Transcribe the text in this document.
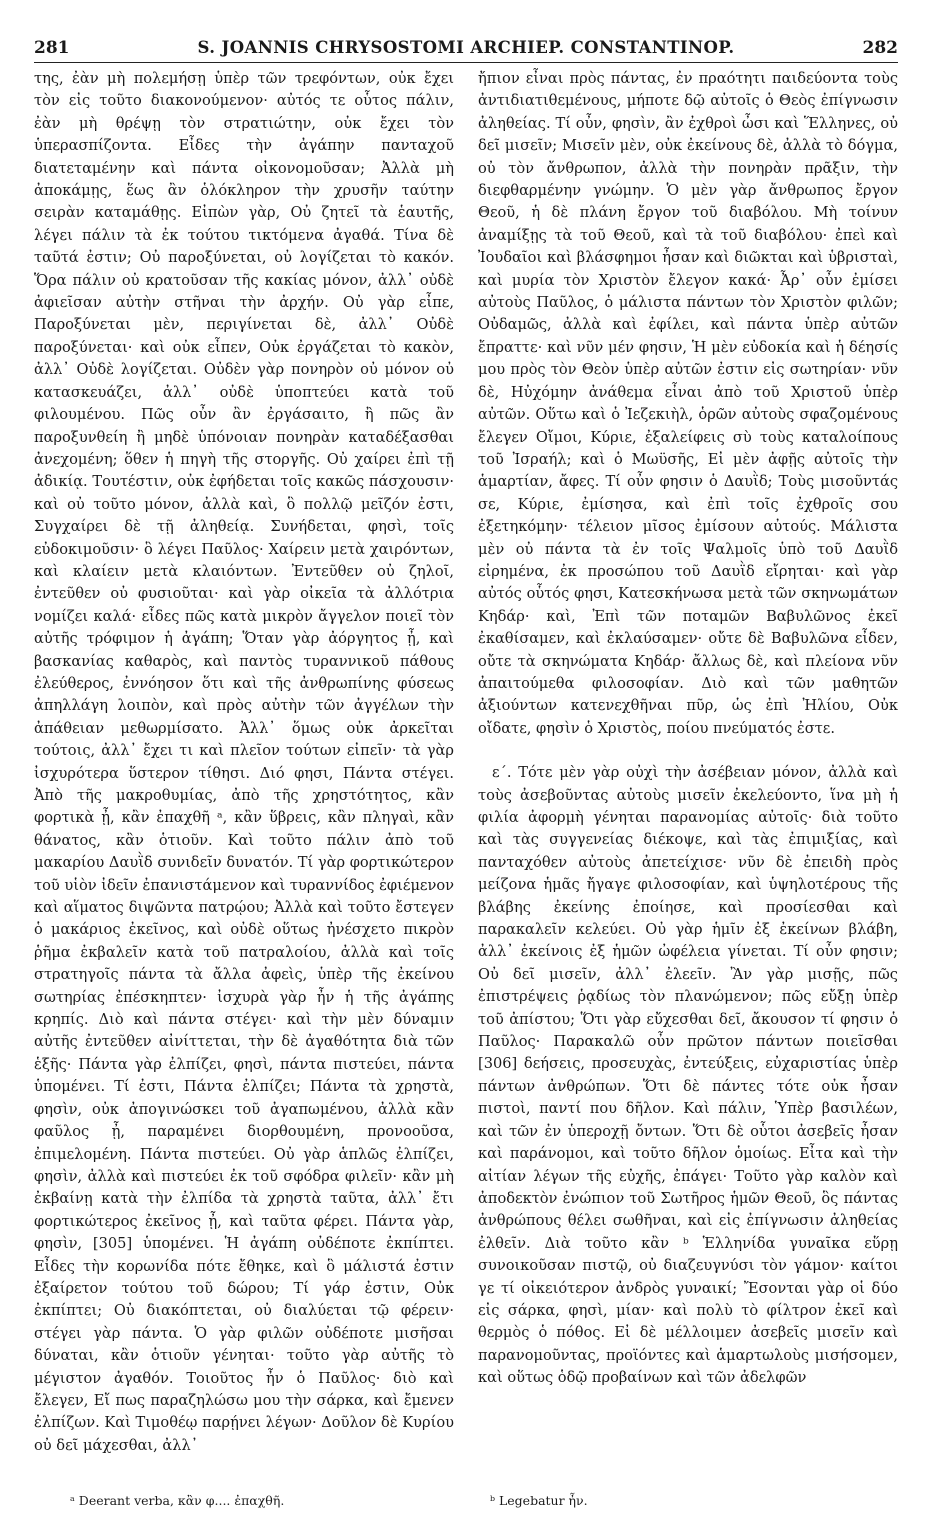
281	S. JOANNIS CHRYSOSTOMI ARCHIEP. CONSTANTINOP.	282

της, ἐὰν μὴ πολεμήσῃ ὑπὲρ τῶν τρεφόντων, οὐκ ἔχει τὸν εἰς τοῦτο διακονούμενον· αὐτός τε οὗτος πάλιν, ἐὰν μὴ θρέψῃ τὸν στρατιώτην, οὐκ ἔχει τὸν ὑπερασπίζοντα. Εἶδες τὴν ἀγάπην πανταχοῦ διατεταμένην καὶ πάντα οἰκονομοῦσαν; Ἀλλὰ μὴ ἀποκάμῃς, ἕως ἂν ὁλόκληρον τὴν χρυσῆν ταύτην σειρὰν καταμάθῃς. Εἰπὼν γὰρ, Οὐ ζητεῖ τὰ ἑαυτῆς, λέγει πάλιν τὰ ἐκ τούτου τικτόμενα ἀγαθά. Τίνα δὲ ταῦτά ἐστιν; Οὐ παροξύνεται, οὐ λογίζεται τὸ κακόν. Ὅρα πάλιν οὐ κρατοῦσαν τῆς κακίας μόνον, ἀλλ᾽ οὐδὲ ἀφιεῖσαν αὐτὴν στῆναι τὴν ἀρχήν. Οὐ γὰρ εἶπε, Παροξύνεται μὲν, περιγίνεται δὲ, ἀλλ᾽ Οὐδὲ παροξύνεται· καὶ οὐκ εἶπεν, Οὐκ ἐργάζεται τὸ κακὸν, ἀλλ᾽ Οὐδὲ λογίζεται. Οὐδὲν γὰρ πονηρὸν οὐ μόνον οὐ κατασκευάζει, ἀλλ᾽ οὐδὲ ὑποπτεύει κατὰ τοῦ φιλουμένου. Πῶς οὖν ἂν ἐργάσαιτο, ἢ πῶς ἂν παροξυνθείη ἢ μηδὲ ὑπόνοιαν πονηρὰν καταδέξασθαι ἀνεχομένη; ὅθεν ἡ πηγὴ τῆς στοργῆς. Οὐ χαίρει ἐπὶ τῇ ἀδικίᾳ. Τουτέστιν, οὐκ ἐφήδεται τοῖς κακῶς πάσχουσιν· καὶ οὐ τοῦτο μόνον, ἀλλὰ καὶ, ὃ πολλῷ μεῖζόν ἐστι, Συγχαίρει δὲ τῇ ἀληθείᾳ. Συνήδεται, φησὶ, τοῖς εὐδοκιμοῦσιν· ὃ λέγει Παῦλος· Χαίρειν μετὰ χαιρόντων, καὶ κλαίειν μετὰ κλαιόντων. Ἐντεῦθεν οὐ ζηλοῖ, ἐντεῦθεν οὐ φυσιοῦται· καὶ γὰρ οἰκεῖα τὰ ἀλλότρια νομίζει καλά· εἶδες πῶς κατὰ μικρὸν ἄγγελον ποιεῖ τὸν αὐτῆς τρόφιμον ἡ ἀγάπη; Ὅταν γὰρ ἀόργητος ᾖ, καὶ βασκανίας καθαρὸς, καὶ παντὸς τυραννικοῦ πάθους ἐλεύθερος, ἐννόησον ὅτι καὶ τῆς ἀνθρωπίνης φύσεως ἀπηλλάγη λοιπὸν, καὶ πρὸς αὐτὴν τῶν ἀγγέλων τὴν ἀπάθειαν μεθωρμίσατο. Ἀλλ᾽ ὅμως οὐκ ἀρκεῖται τούτοις, ἀλλ᾽ ἔχει τι καὶ πλεῖον τούτων εἰπεῖν· τὰ γὰρ ἰσχυρότερα ὕστερον τίθησι. Διό φησι, Πάντα στέγει. Ἀπὸ τῆς μακροθυμίας, ἀπὸ τῆς χρηστότητος, κἂν φορτικὰ ᾖ, κἂν ἐπαχθῆ ᵃ, κἂν ὕβρεις, κἂν πληγαὶ, κἂν θάνατος, κἂν ὁτιοῦν. Καὶ τοῦτο πάλιν ἀπὸ τοῦ μακαρίου Δαυῒδ συνιδεῖν δυνατόν. Τί γὰρ φορτικώτερον τοῦ υἱὸν ἰδεῖν ἐπανιστάμενον καὶ τυραννίδος ἐφιέμενον καὶ αἵματος διψῶντα πατρῴου; Ἀλλὰ καὶ τοῦτο ἔστεγεν ὁ μακάριος ἐκεῖνος, καὶ οὐδὲ οὕτως ἠνέσχετο πικρὸν ῥῆμα ἐκβαλεῖν κατὰ τοῦ πατραλοίου, ἀλλὰ καὶ τοῖς στρατηγοῖς πάντα τὰ ἄλλα ἀφεὶς, ὑπὲρ τῆς ἐκείνου σωτηρίας ἐπέσκηπτεν· ἰσχυρὰ γὰρ ἦν ἡ τῆς ἀγάπης κρηπίς. Διὸ καὶ πάντα στέγει· καὶ τὴν μὲν δύναμιν αὐτῆς ἐντεῦθεν αἰνίττεται, τὴν δὲ ἀγαθότητα διὰ τῶν ἑξῆς· Πάντα γὰρ ἐλπίζει, φησὶ, πάντα πιστεύει, πάντα ὑπομένει. Τί ἐστι, Πάντα ἐλπίζει; Πάντα τὰ χρηστὰ, φησὶν, οὐκ ἀπογινώσκει τοῦ ἀγαπωμένου, ἀλλὰ κἂν φαῦλος ᾖ, παραμένει διορθουμένη, προνοοῦσα, ἐπιμελομένη. Πάντα πιστεύει. Οὐ γὰρ ἁπλῶς ἐλπίζει, φησὶν, ἀλλὰ καὶ πιστεύει ἐκ τοῦ σφόδρα φιλεῖν· κἂν μὴ ἐκβαίνῃ κατὰ τὴν ἐλπίδα τὰ χρηστὰ ταῦτα, ἀλλ᾽ ἔτι φορτικώτερος ἐκεῖνος ᾖ, καὶ ταῦτα φέρει. Πάντα γὰρ, φησὶν, [305] ὑπομένει. Ἡ ἀγάπη οὐδέποτε ἐκπίπτει. Εἶδες τὴν κορωνίδα πότε ἔθηκε, καὶ ὃ μάλιστά ἐστιν ἐξαίρετον τούτου τοῦ δώρου; Τί γάρ ἐστιν, Οὐκ ἐκπίπτει; Οὐ διακόπτεται, οὐ διαλύεται τῷ φέρειν· στέγει γὰρ πάντα. Ὁ γὰρ φιλῶν οὐδέποτε μισῆσαι δύναται, κἂν ὁτιοῦν γένηται· τοῦτο γὰρ αὐτῆς τὸ μέγιστον ἀγαθόν. Τοιοῦτος ἦν ὁ Παῦλος· διὸ καὶ ἔλεγεν, Εἴ πως παραζηλώσω μου τὴν σάρκα, καὶ ἔμενεν ἐλπίζων. Καὶ Τιμοθέῳ παρῄνει λέγων· Δοῦλον δὲ Κυρίου οὐ δεῖ μάχεσθαι, ἀλλ᾽

ἤπιον εἶναι πρὸς πάντας, ἐν πραότητι παιδεύοντα τοὺς ἀντιδιατιθεμένους, μήποτε δῷ αὐτοῖς ὁ Θεὸς ἐπίγνωσιν ἀληθείας. Τί οὖν, φησὶν, ἂν ἐχθροὶ ὦσι καὶ Ἕλληνες, οὐ δεῖ μισεῖν; Μισεῖν μὲν, οὐκ ἐκείνους δὲ, ἀλλὰ τὸ δόγμα, οὐ τὸν ἄνθρωπον, ἀλλὰ τὴν πονηρὰν πρᾶξιν, τὴν διεφθαρμένην γνώμην. Ὁ μὲν γὰρ ἄνθρωπος ἔργον Θεοῦ, ἡ δὲ πλάνη ἔργον τοῦ διαβόλου. Μὴ τοίνυν ἀναμίξῃς τὰ τοῦ Θεοῦ, καὶ τὰ τοῦ διαβόλου· ἐπεὶ καὶ Ἰουδαῖοι καὶ βλάσφημοι ἦσαν καὶ διῶκται καὶ ὑβρισταὶ, καὶ μυρία τὸν Χριστὸν ἔλεγον κακά· Ἆρ᾽ οὖν ἐμίσει αὐτοὺς Παῦλος, ὁ μάλιστα πάντων τὸν Χριστὸν φιλῶν; Οὐδαμῶς, ἀλλὰ καὶ ἐφίλει, καὶ πάντα ὑπὲρ αὐτῶν ἔπραττε· καὶ νῦν μέν φησιν, Ἡ μὲν εὐδοκία καὶ ἡ δέησίς μου πρὸς τὸν Θεὸν ὑπὲρ αὐτῶν ἐστιν εἰς σωτηρίαν· νῦν δὲ, Ηὐχόμην ἀνάθεμα εἶναι ἀπὸ τοῦ Χριστοῦ ὑπὲρ αὐτῶν. Οὕτω καὶ ὁ Ἰεζεκιὴλ, ὁρῶν αὐτοὺς σφαζομένους ἔλεγεν Οἴμοι, Κύριε, ἐξαλείφεις σὺ τοὺς καταλοίπους τοῦ Ἰσραήλ; καὶ ὁ Μωϋσῆς, Εἰ μὲν ἀφῇς αὐτοῖς τὴν ἁμαρτίαν, ἄφες. Τί οὖν φησιν ὁ Δαυῒδ; Τοὺς μισοῦντάς σε, Κύριε, ἐμίσησα, καὶ ἐπὶ τοῖς ἐχθροῖς σου ἐξετηκόμην· τέλειον μῖσος ἐμίσουν αὐτούς. Μάλιστα μὲν οὐ πάντα τὰ ἐν τοῖς Ψαλμοῖς ὑπὸ τοῦ Δαυῒδ εἰρημένα, ἐκ προσώπου τοῦ Δαυῒδ εἴρηται· καὶ γὰρ αὐτός οὗτός φησι, Κατεσκήνωσα μετὰ τῶν σκηνωμάτων Κηδάρ· καὶ, Ἐπὶ τῶν ποταμῶν Βαβυλῶνος ἐκεῖ ἐκαθίσαμεν, καὶ ἐκλαύσαμεν· οὔτε δὲ Βαβυλῶνα εἶδεν, οὔτε τὰ σκηνώματα Κηδάρ· ἄλλως δὲ, καὶ πλείονα νῦν ἀπαιτούμεθα φιλοσοφίαν. Διὸ καὶ τῶν μαθητῶν ἀξιούντων κατενεχθῆναι πῦρ, ὡς ἐπὶ Ἠλίου, Οὐκ οἴδατε, φησὶν ὁ Χριστὸς, ποίου πνεύματός ἐστε.

ε´. Τότε μὲν γὰρ οὐχὶ τὴν ἀσέβειαν μόνον, ἀλλὰ καὶ τοὺς ἀσεβοῦντας αὐτοὺς μισεῖν ἐκελεύοντο, ἵνα μὴ ἡ φιλία ἀφορμὴ γένηται παρανομίας αὐτοῖς· διὰ τοῦτο καὶ τὰς συγγενείας διέκοψε, καὶ τὰς ἐπιμιξίας, καὶ πανταχόθεν αὐτοὺς ἀπετείχισε· νῦν δὲ ἐπειδὴ πρὸς μείζονα ἡμᾶς ἤγαγε φιλοσοφίαν, καὶ ὑψηλοτέρους τῆς βλάβης ἐκείνης ἐποίησε, καὶ προσίεσθαι καὶ παρακαλεῖν κελεύει. Οὐ γὰρ ἡμῖν ἐξ ἐκείνων βλάβη, ἀλλ᾽ ἐκείνοις ἐξ ἡμῶν ὠφέλεια γίνεται. Τί οὖν φησιν; Οὐ δεῖ μισεῖν, ἀλλ᾽ ἐλεεῖν. Ἂν γὰρ μισῇς, πῶς ἐπιστρέψεις ῥᾳδίως τὸν πλανώμενον; πῶς εὔξῃ ὑπὲρ τοῦ ἀπίστου; Ὅτι γὰρ εὔχεσθαι δεῖ, ἄκουσον τί φησιν ὁ Παῦλος· Παρακαλῶ οὖν πρῶτον πάντων ποιεῖσθαι [306] δεήσεις, προσευχὰς, ἐντεύξεις, εὐχαριστίας ὑπὲρ πάντων ἀνθρώπων. Ὅτι δὲ πάντες τότε οὐκ ἦσαν πιστοὶ, παντί που δῆλον. Καὶ πάλιν, Ὑπὲρ βασιλέων, καὶ τῶν ἐν ὑπεροχῇ ὄντων. Ὅτι δὲ οὗτοι ἀσεβεῖς ἦσαν καὶ παράνομοι, καὶ τοῦτο δῆλον ὁμοίως. Εἶτα καὶ τὴν αἰτίαν λέγων τῆς εὐχῆς, ἐπάγει· Τοῦτο γὰρ καλὸν καὶ ἀποδεκτὸν ἐνώπιον τοῦ Σωτῆρος ἡμῶν Θεοῦ, ὃς πάντας ἀνθρώπους θέλει σωθῆναι, καὶ εἰς ἐπίγνωσιν ἀληθείας ἐλθεῖν. Διὰ τοῦτο κἂν ᵇ Ἑλληνίδα γυναῖκα εὕρῃ συνοικοῦσαν πιστῷ, οὐ διαζευγνύσι τὸν γάμον· καίτοι γε τί οἰκειότερον ἀνδρὸς γυναικί; Ἔσονται γὰρ οἱ δύο εἰς σάρκα, φησὶ, μίαν· καὶ πολὺ τὸ φίλτρον ἐκεῖ καὶ θερμὸς ὁ πόθος. Εἰ δὲ μέλλοιμεν ἀσεβεῖς μισεῖν καὶ παρανομοῦντας, προϊόντες καὶ ἁμαρτωλοὺς μισήσομεν, καὶ οὕτως ὁδῷ προβαίνων καὶ τῶν ἀδελφῶν

ᵃ Deerant verba, κἂν φ.... ἐπαχθῆ.	ᵇ Legebatur ἦν.
